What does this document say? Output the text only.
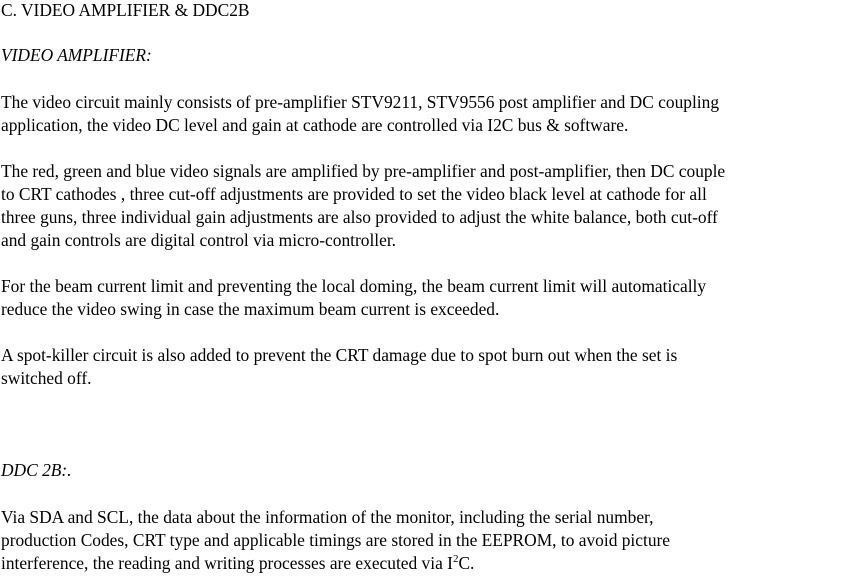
C. VIDEO AMPLIFIER & DDC2B
VIDEO AMPLIFIER:
The video circuit mainly consists of pre-amplifier STV9211, STV9556 post amplifier and DC coupling
application, the video DC level and gain at cathode are controlled via I2C bus & software.
The red, green and blue video signals are amplified by pre-amplifier and post-amplifier, then DC couple
to CRT cathodes , three cut-off adjustments are provided to set the video black level at cathode for all
three guns, three individual gain adjustments are also provided to adjust the white balance, both cut-off
and gain controls are digital control via micro-controller.
For the beam current limit and preventing the local doming, the beam current limit will automatically
reduce the video swing in case the maximum beam current is exceeded.
A spot-killer circuit is also added to prevent the CRT damage due to spot burn out when the set is
switched off.
DDC 2B:.
Via SDA and SCL, the data about the information of the monitor, including the serial number,
production Codes, CRT type and applicable timings are stored in the EEPROM, to avoid picture
interference, the reading and writing processes are executed via $I^2C$.
